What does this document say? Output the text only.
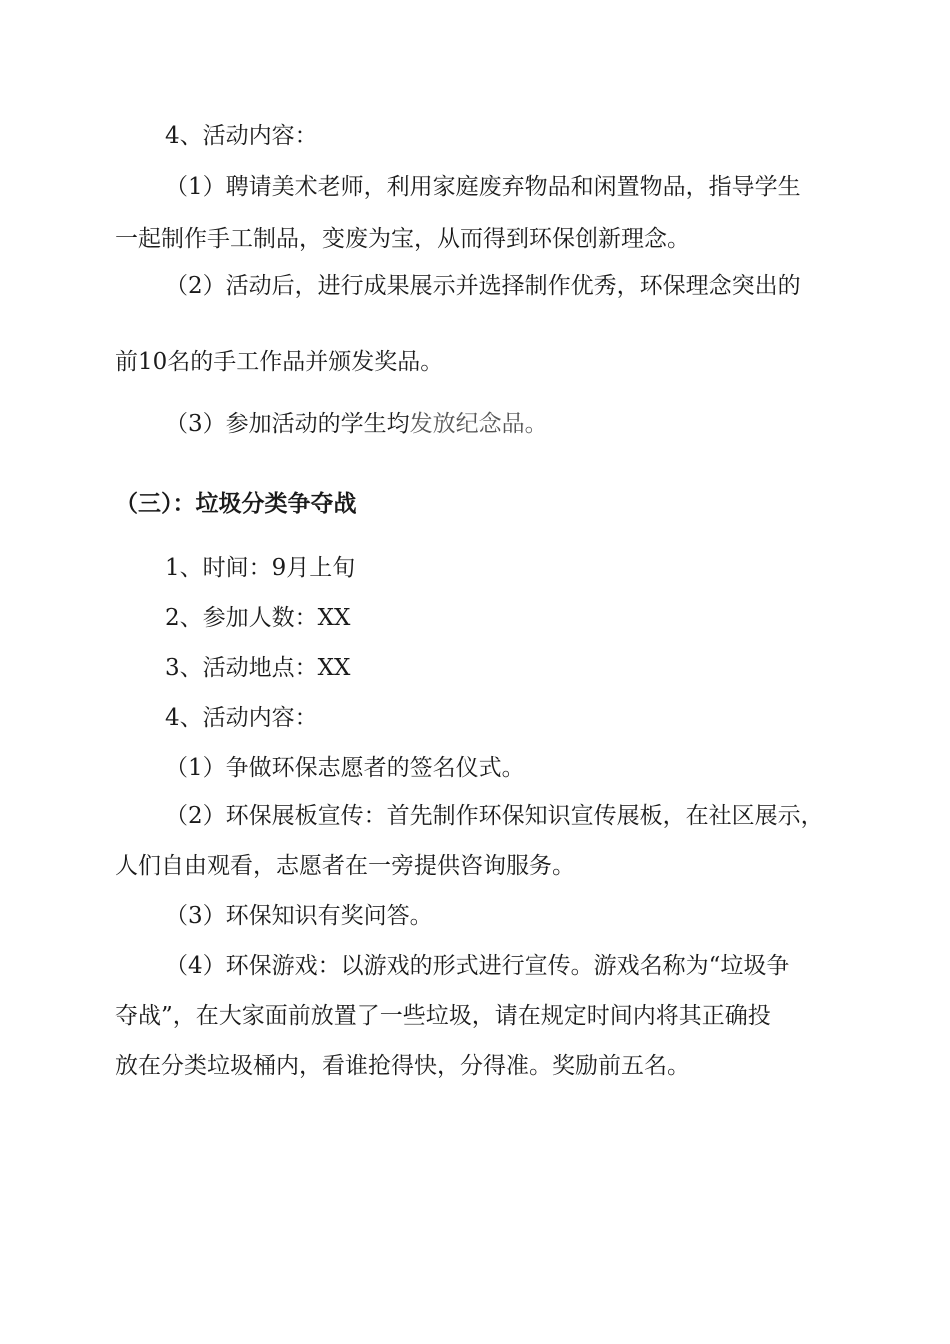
4、活动内容：
（1）聘请美术老师，利用家庭废弃物品和闲置物品，指导学生
一起制作手工制品，变废为宝，从而得到环保创新理念。
（2）活动后，进行成果展示并选择制作优秀，环保理念突出的
前10名的手工作品并颁发奖品。
（3）参加活动的学生均发放纪念品。
（三）：垃圾分类争夺战
1、时间：9月上旬
2、参加人数：XX
3、活动地点：XX
4、活动内容：
（1）争做环保志愿者的签名仪式。
（2）环保展板宣传：首先制作环保知识宣传展板，在社区展示，
人们自由观看，志愿者在一旁提供咨询服务。
（3）环保知识有奖问答。
（4）环保游戏：以游戏的形式进行宣传。游戏名称为“垃圾争
夺战”，在大家面前放置了一些垃圾，请在规定时间内将其正确投
放在分类垃圾桶内，看谁抢得快，分得准。奖励前五名。
